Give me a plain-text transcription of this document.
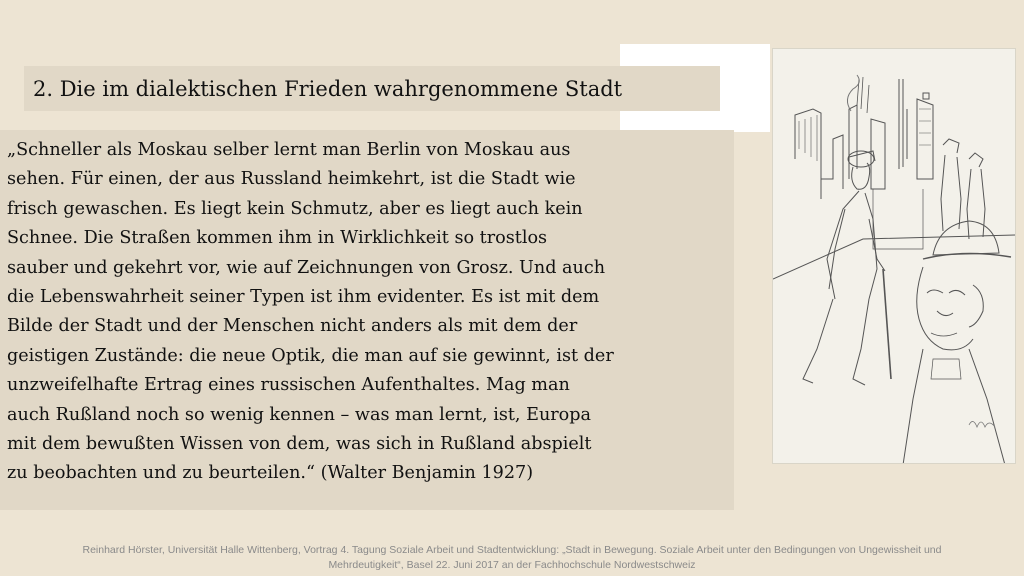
2. Die im dialektischen Frieden wahrgenommene Stadt

„Schneller als Moskau selber lernt man Berlin von Moskau aus
sehen. Für einen, der aus Russland heimkehrt, ist die Stadt wie
frisch gewaschen. Es liegt kein Schmutz, aber es liegt auch kein
Schnee. Die Straßen kommen ihm in Wirklichkeit so trostlos
sauber und gekehrt vor, wie auf Zeichnungen von Grosz. Und auch
die Lebenswahrheit seiner Typen ist ihm evidenter. Es ist mit dem
Bilde der Stadt und der Menschen nicht anders als mit dem der
geistigen Zustände: die neue Optik, die man auf sie gewinnt, ist der
unzweifelhafte Ertrag eines russischen Aufenthaltes. Mag man
auch Rußland noch so wenig kennen – was man lernt, ist, Europa
mit dem bewußten Wissen von dem, was sich in Rußland abspielt
zu beobachten und zu beurteilen.“ (Walter Benjamin 1927)

Reinhard Hörster, Universität Halle Wittenberg, Vortrag 4. Tagung Soziale Arbeit und Stadtentwicklung: „Stadt in Bewegung. Soziale Arbeit unter den Bedingungen von Ungewissheit und
Mehrdeutigkeit“, Basel 22. Juni 2017 an der Fachhochschule Nordwestschweiz
